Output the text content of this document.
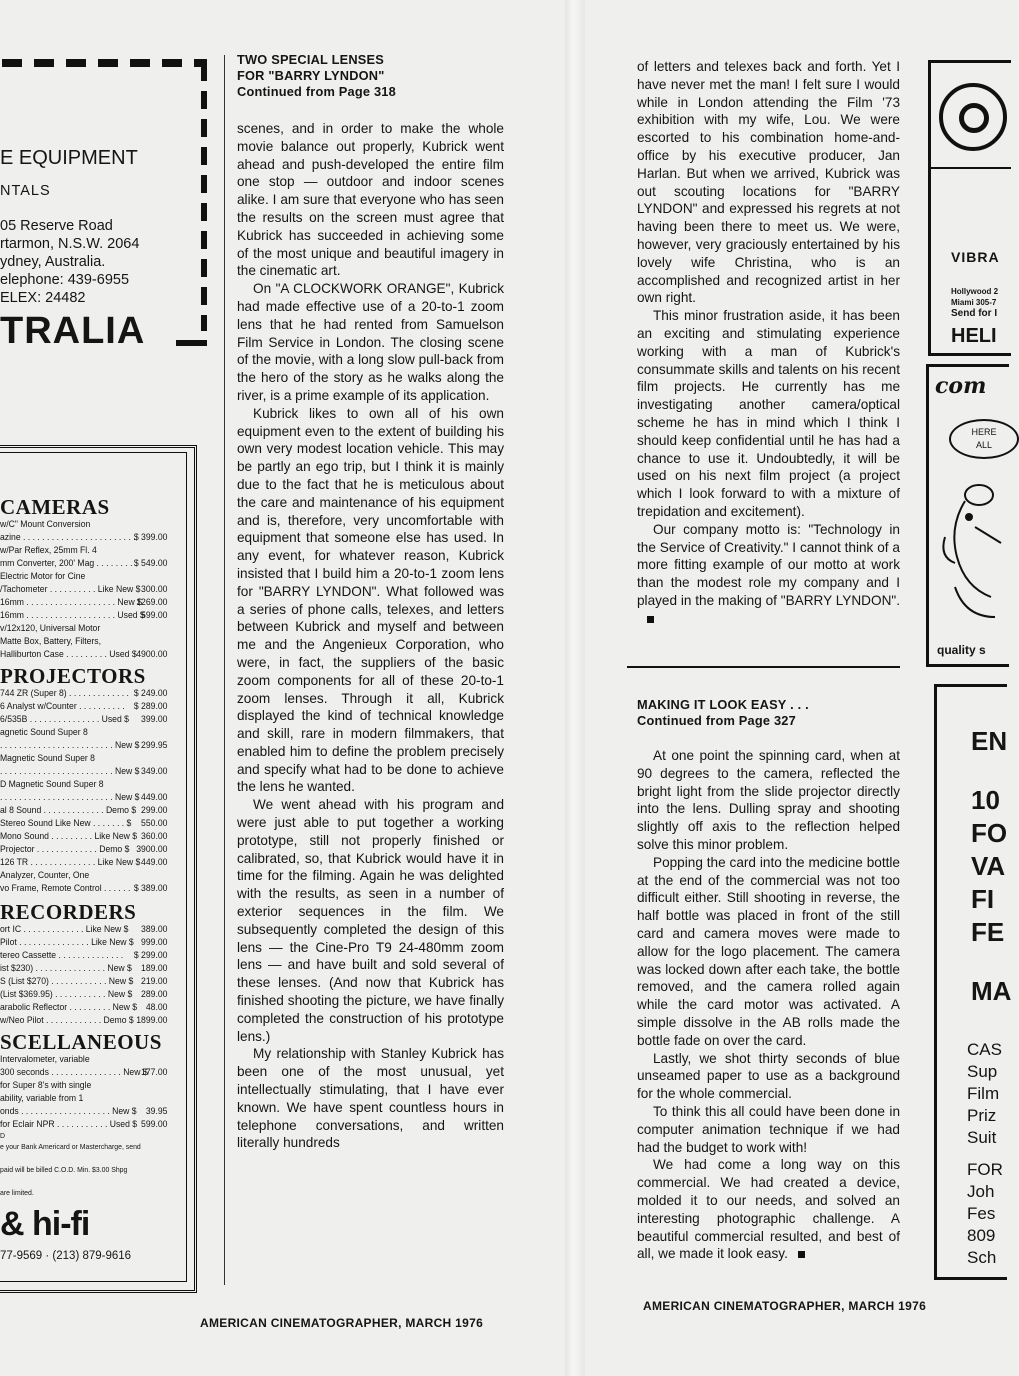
E EQUIPMENT
NTALS
05 Reserve Road
rtarmon, N.S.W. 2064
ydney, Australia.
elephone: 439-6955
ELEX: 24482
TRALIA
CAMERAS
w/C" Mount Conversion
azine . . . . . . . . . . . . . . . . . . . . . . . .
$ 399.00
w/Par Reflex, 25mm Fl. 4
mm Converter, 200' Mag . . . . . . . . .
$ 549.00
Electric Motor for Cine
/Tachometer . . . . . . . . . . Like New $ 300.00
16mm . . . . . . . . . . . . . . . . . . . New $
1269.00
16mm . . . . . . . . . . . . . . . . . . . Used $
599.00
v/12x120, Universal Motor
Matte Box, Battery, Filters,
Halliburton Case . . . . . . . . . Used $ 4900.00
PROJECTORS
744 ZR (Super 8) . . . . . . . . . . . . . $ 249.00
6 Analyst w/Counter . . . . . . . . . . $ 289.00
6/535B . . . . . . . . . . . . . . . Used $ 399.00
agnetic Sound Super 8
. . . . . . . . . . . . . . . . . . . . . . . . New $ 299.95
Magnetic Sound Super 8
. . . . . . . . . . . . . . . . . . . . . . . . New $ 349.00
D Magnetic Sound Super 8
. . . . . . . . . . . . . . . . . . . . . . . . New $ 449.00
al 8 Sound . . . . . . . . . . . . . Demo $ 299.00
Stereo Sound Like New . . . . . . . $ 550.00
Mono Sound . . . . . . . . . Like New $ 360.00
Projector . . . . . . . . . . . . . Demo $ 3900.00
126 TR . . . . . . . . . . . . . . Like New $ 449.00
Analyzer, Counter, One
vo Frame, Remote Control . . . . . . $ 389.00
RECORDERS
ort IC . . . . . . . . . . . . . Like New $ 389.00
Pilot . . . . . . . . . . . . . . . Like New $ 999.00
tereo Cassette . . . . . . . . . . . . . . $ 299.00
ist $230) . . . . . . . . . . . . . . . New $ 189.00
S (List $270) . . . . . . . . . . . . New $ 219.00
(List $369.95) . . . . . . . . . . . New $ 289.00
arabolic Reflector . . . . . . . . . New $ 48.00
w/Neo Pilot . . . . . . . . . . . . Demo $ 1899.00
SCELLANEOUS
Intervalometer, variable
300 seconds . . . . . . . . . . . . . . . New $
177.00
for Super 8's with single
ability, variable from 1
onds . . . . . . . . . . . . . . . . . . . New $ 39.95
for Eclair NPR . . . . . . . . . . . Used $ 599.00
D
e your Bank Americard or Mastercharge, send
paid will be billed C.O.D. Min. $3.00 Shpg
are limited.
& hi-fi
77-9569 · (213) 879-9616
TWO SPECIAL LENSES
FOR "BARRY LYNDON"
Continued from Page 318

scenes, and in order to make the whole movie balance out properly, Kubrick went ahead and push-developed the entire film one stop — outdoor and indoor scenes alike. I am sure that everyone who has seen the results on the screen must agree that Kubrick has succeeded in achieving some of the most unique and beautiful imagery in the cinematic art.

On "A CLOCKWORK ORANGE", Kubrick had made effective use of a 20-to-1 zoom lens that he had rented from Samuelson Film Service in London. The closing scene of the movie, with a long slow pull-back from the hero of the story as he walks along the river, is a prime example of its application.

Kubrick likes to own all of his own equipment even to the extent of building his own very modest location vehicle. This may be partly an ego trip, but I think it is mainly due to the fact that he is meticulous about the care and maintenance of his equipment and is, therefore, very uncomfortable with equipment that someone else has used. In any event, for whatever reason, Kubrick insisted that I build him a 20-to-1 zoom lens for "BARRY LYNDON". What followed was a series of phone calls, telexes, and letters between Kubrick and myself and between me and the Angenieux Corporation, who were, in fact, the suppliers of the basic zoom components for all of these 20-to-1 zoom lenses. Through it all, Kubrick displayed the kind of technical knowledge and skill, rare in modern filmmakers, that enabled him to define the problem precisely and specify what had to be done to achieve the lens he wanted.

We went ahead with his program and were just able to put together a working prototype, still not properly finished or calibrated, so, that Kubrick would have it in time for the filming. Again he was delighted with the results, as seen in a number of exterior sequences in the film. We subsequently completed the design of this lens — the Cine-Pro T9 24-480mm zoom lens — and have built and sold several of these lenses. (And now that Kubrick has finished shooting the picture, we have finally completed the construction of his prototype lens.)

My relationship with Stanley Kubrick has been one of the most unusual, yet intellectually stimulating, that I have ever known. We have spent countless hours in telephone conversations, and written literally hundreds

AMERICAN CINEMATOGRAPHER, MARCH 1976

of letters and telexes back and forth. Yet I have never met the man! I felt sure I would while in London attending the Film '73 exhibition with my wife, Lou. We were escorted to his combination home-and-office by his executive producer, Jan Harlan. But when we arrived, Kubrick was out scouting locations for "BARRY LYNDON" and expressed his regrets at not having been there to meet us. We were, however, very graciously entertained by his lovely wife Christina, who is an accomplished and recognized artist in her own right.

This minor frustration aside, it has been an exciting and stimulating experience working with a man of Kubrick's consummate skills and talents on his recent film projects. He currently has me investigating another camera/optical scheme he has in mind which I think I should keep confidential until he has had a chance to use it. Undoubtedly, it will be used on his next film project (a project which I look forward to with a mixture of trepidation and excitement).

Our company motto is: "Technology in the Service of Creativity." I cannot think of a more fitting example of our motto at work than the modest role my company and I played in the making of "BARRY LYNDON".

MAKING IT LOOK EASY . . .
Continued from Page 327

At one point the spinning card, when at 90 degrees to the camera, reflected the bright light from the slide projector directly into the lens. Dulling spray and shooting slightly off axis to the reflection helped solve this minor problem.

Popping the card into the medicine bottle at the end of the commercial was not too difficult either. Still shooting in reverse, the half bottle was placed in front of the still card and camera moves were made to allow for the logo placement. The camera was locked down after each take, the bottle removed, and the camera rolled again while the card motor was activated. A simple dissolve in the AB rolls made the bottle fade on over the card.

Lastly, we shot thirty seconds of blue unseamed paper to use as a background for the whole commercial.

To think this all could have been done in computer animation technique if we had had the budget to work with!

We had come a long way on this commercial. We had created a device, molded it to our needs, and solved an interesting photographic challenge. A beautiful commercial resulted, and best of all, we made it look easy.

AMERICAN CINEMATOGRAPHER, MARCH 1976
VIBRA
Hollywood 2
Miami 305-7
Send for I
HELI
com
HERE
ALL
quality s
EN
10
FO
VA
FI
FE
MA
CAS
Sup
Film
Priz
Suit
FOR
Joh
Fes
809
Sch
